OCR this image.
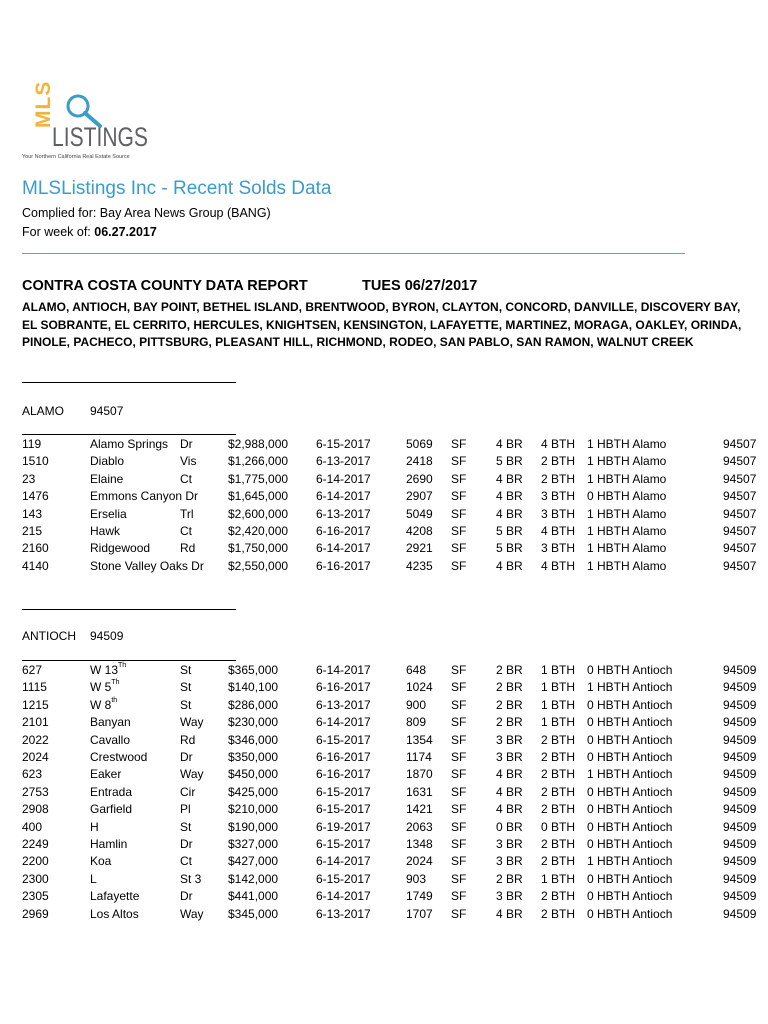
MLS
LISTINGS
Your Northern California Real Estate Source
MLSListings Inc - Recent Solds Data
Complied for: Bay Area News Group (BANG)
For week of: 06.27.2017
CONTRA COSTA COUNTY DATA REPORT	TUES 06/27/2017
ALAMO, ANTIOCH, BAY POINT, BETHEL ISLAND, BRENTWOOD, BYRON, CLAYTON, CONCORD, DANVILLE, DISCOVERY BAY, EL SOBRANTE, EL CERRITO, HERCULES, KNIGHTSEN, KENSINGTON, LAFAYETTE, MARTINEZ, MORAGA, OAKLEY, ORINDA, PINOLE, PACHECO, PITTSBURG, PLEASANT HILL, RICHMOND, RODEO, SAN PABLO, SAN RAMON, WALNUT CREEK
ALAMO 94507
119	Alamo Springs Dr	$2,988,000 6-15-2017	5069 SF 4 BR 4 BTH 1 HBTH Alamo	94507
1510	Diablo	Vis	$1,266,000 6-13-2017	2418 SF 5 BR 2 BTH 1 HBTH Alamo	94507
23	Elaine	Ct	$1,775,000 6-14-2017	2690 SF 4 BR 2 BTH 1 HBTH Alamo	94507
1476	Emmons Canyon Dr $1,645,000 6-14-2017	2907 SF 4 BR 3 BTH 0 HBTH Alamo	94507
143	Erselia	Trl	$2,600,000 6-13-2017	5049 SF 4 BR 3 BTH 1 HBTH Alamo	94507
215	Hawk	Ct	$2,420,000 6-16-2017	4208 SF 5 BR 4 BTH 1 HBTH Alamo	94507
2160	Ridgewood Rd	$1,750,000 6-14-2017	2921 SF 5 BR 3 BTH 1 HBTH Alamo	94507
4140	Stone Valley Oaks Dr $2,550,000 6-16-2017	4235 SF 4 BR 4 BTH 1 HBTH Alamo	94507
ANTIOCH 94509
627	W 13Th	St	$365,000	6-14-2017	648 SF 2 BR 1 BTH 0 HBTH Antioch	94509
1115	W 5Th	St	$140,100	6-16-2017	1024 SF 2 BR 1 BTH 1 HBTH Antioch	94509
1215	W 8th	St	$286,000	6-13-2017	900 SF 2 BR 1 BTH 0 HBTH Antioch	94509
2101	Banyan	Way $230,000	6-14-2017	809 SF 2 BR 1 BTH 0 HBTH Antioch	94509
2022	Cavallo	Rd	$346,000	6-15-2017	1354 SF 3 BR 2 BTH 0 HBTH Antioch	94509
2024	Crestwood	Dr	$350,000	6-16-2017	1174 SF 3 BR 2 BTH 0 HBTH Antioch	94509
623	Eaker	Way $450,000	6-16-2017	1870 SF 4 BR 2 BTH 1 HBTH Antioch	94509
2753	Entrada	Cir	$425,000	6-15-2017	1631 SF 4 BR 2 BTH 0 HBTH Antioch	94509
2908	Garfield	Pl	$210,000	6-15-2017	1421 SF 4 BR 2 BTH 0 HBTH Antioch	94509
400	H	St	$190,000	6-19-2017	2063 SF 0 BR 0 BTH 0 HBTH Antioch	94509
2249	Hamlin	Dr	$327,000	6-15-2017	1348 SF 3 BR 2 BTH 0 HBTH Antioch	94509
2200	Koa	Ct	$427,000	6-14-2017	2024 SF 3 BR 2 BTH 1 HBTH Antioch	94509
2300	L	St 3 $142,000	6-15-2017	903 SF 2 BR 1 BTH 0 HBTH Antioch	94509
2305	Lafayette	Dr	$441,000	6-14-2017	1749 SF 3 BR 2 BTH 0 HBTH Antioch	94509
2969	Los Altos	Way $345,000	6-13-2017	1707 SF 4 BR 2 BTH 0 HBTH Antioch	94509
